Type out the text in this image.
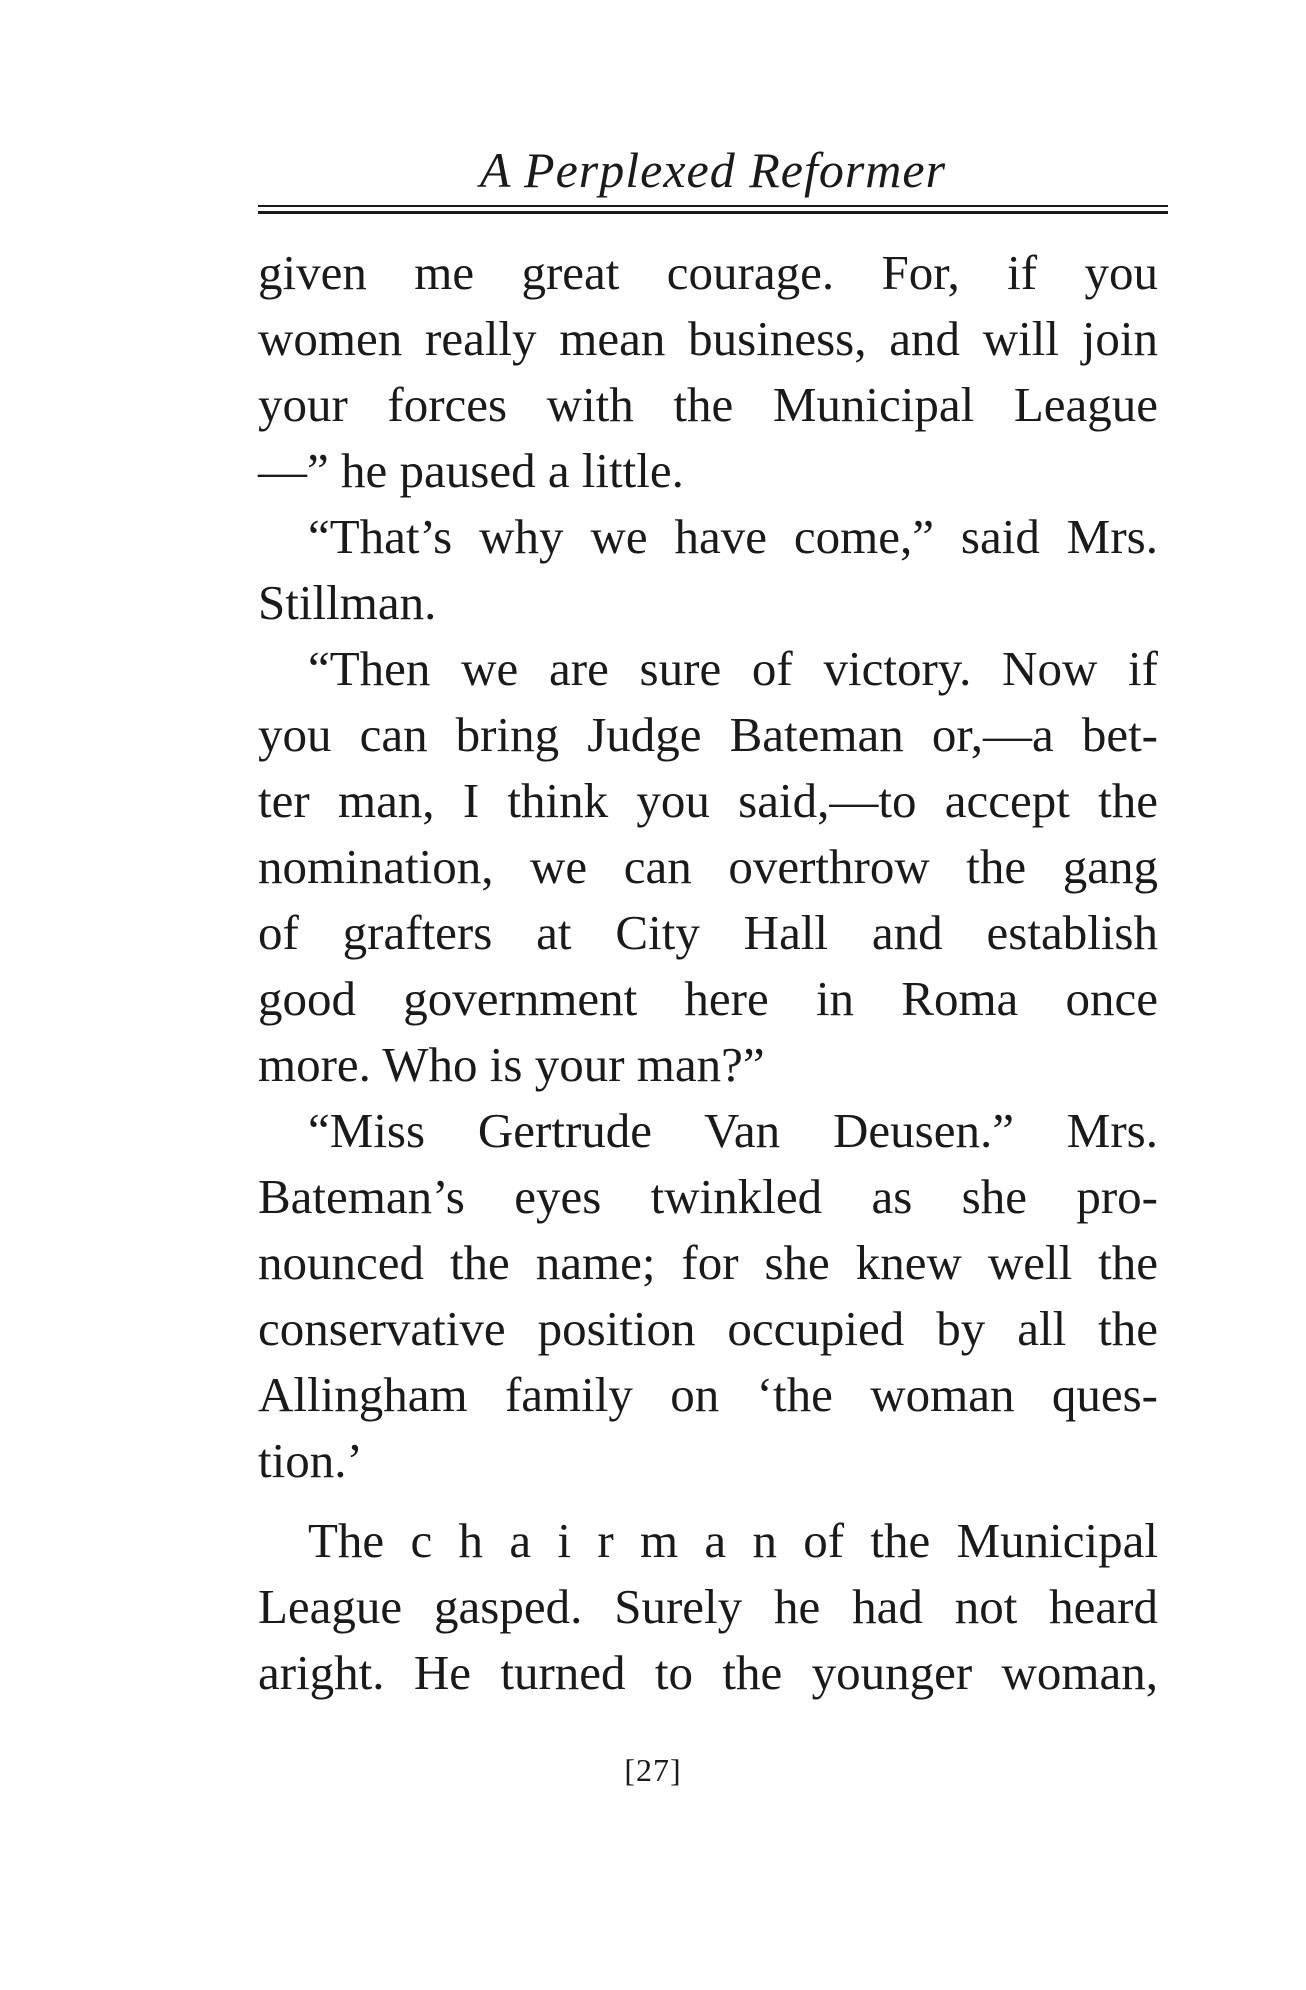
A Perplexed Reformer
given me great courage. For, if you
women really mean business, and will join
your forces with the Municipal League
—” he paused a little.
“That’s why we have come,” said Mrs.
Stillman.
“Then we are sure of victory. Now if
you can bring Judge Bateman or,—a bet-
ter man, I think you said,—to accept the
nomination, we can overthrow the gang
of grafters at City Hall and establish
good government here in Roma once
more. Who is your man?”
“Miss Gertrude Van Deusen.” Mrs.
Bateman’s eyes twinkled as she pro-
nounced the name; for she knew well the
conservative position occupied by all the
Allingham family on ‘the woman ques-
tion.’
The c h a i r m a n of the Municipal
League gasped. Surely he had not heard
aright. He turned to the younger woman,
[27]
